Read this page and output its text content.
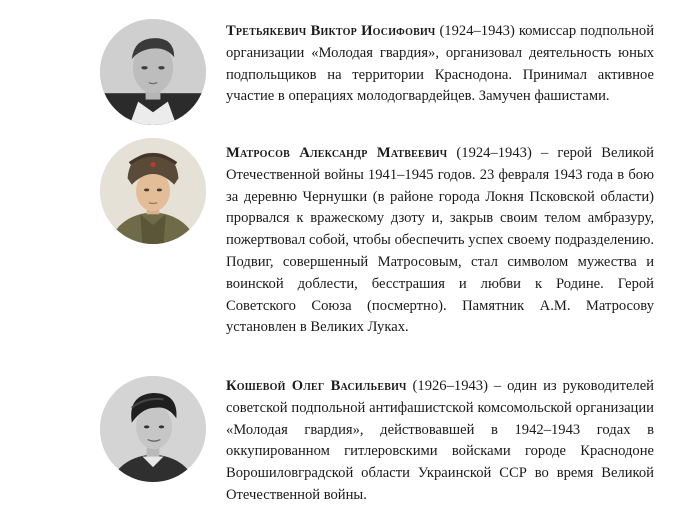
Третьякевич Виктор Иосифович (1924–1943) комиссар подпольной организации «Молодая гвардия», организовал деятельность юных подпольщиков на территории Краснодона. Принимал активное участие в операциях молодогвардейцев. Замучен фашистами.

Матросов Александр Матвеевич (1924–1943) – герой Великой Отечественной войны 1941–1945 годов. 23 февраля 1943 года в бою за деревню Чернушки (в районе города Локня Псковской области) прорвался к вражескому дзоту и, закрыв своим телом амбразуру, пожертвовал собой, чтобы обеспечить успех своему подразделению. Подвиг, совершенный Матросовым, стал символом мужества и воинской доблести, бесстрашия и любви к Родине. Герой Советского Союза (посмертно). Памятник А.М. Матросову установлен в Великих Луках.

Кошевой Олег Васильевич (1926–1943) – один из руководителей советской подпольной антифашистской комсомольской организации «Молодая гвардия», действовавшей в 1942–1943 годах в оккупированном гитлеровскими войсками городе Краснодоне Ворошиловградской области Украинской ССР во время Великой Отечественной войны.
